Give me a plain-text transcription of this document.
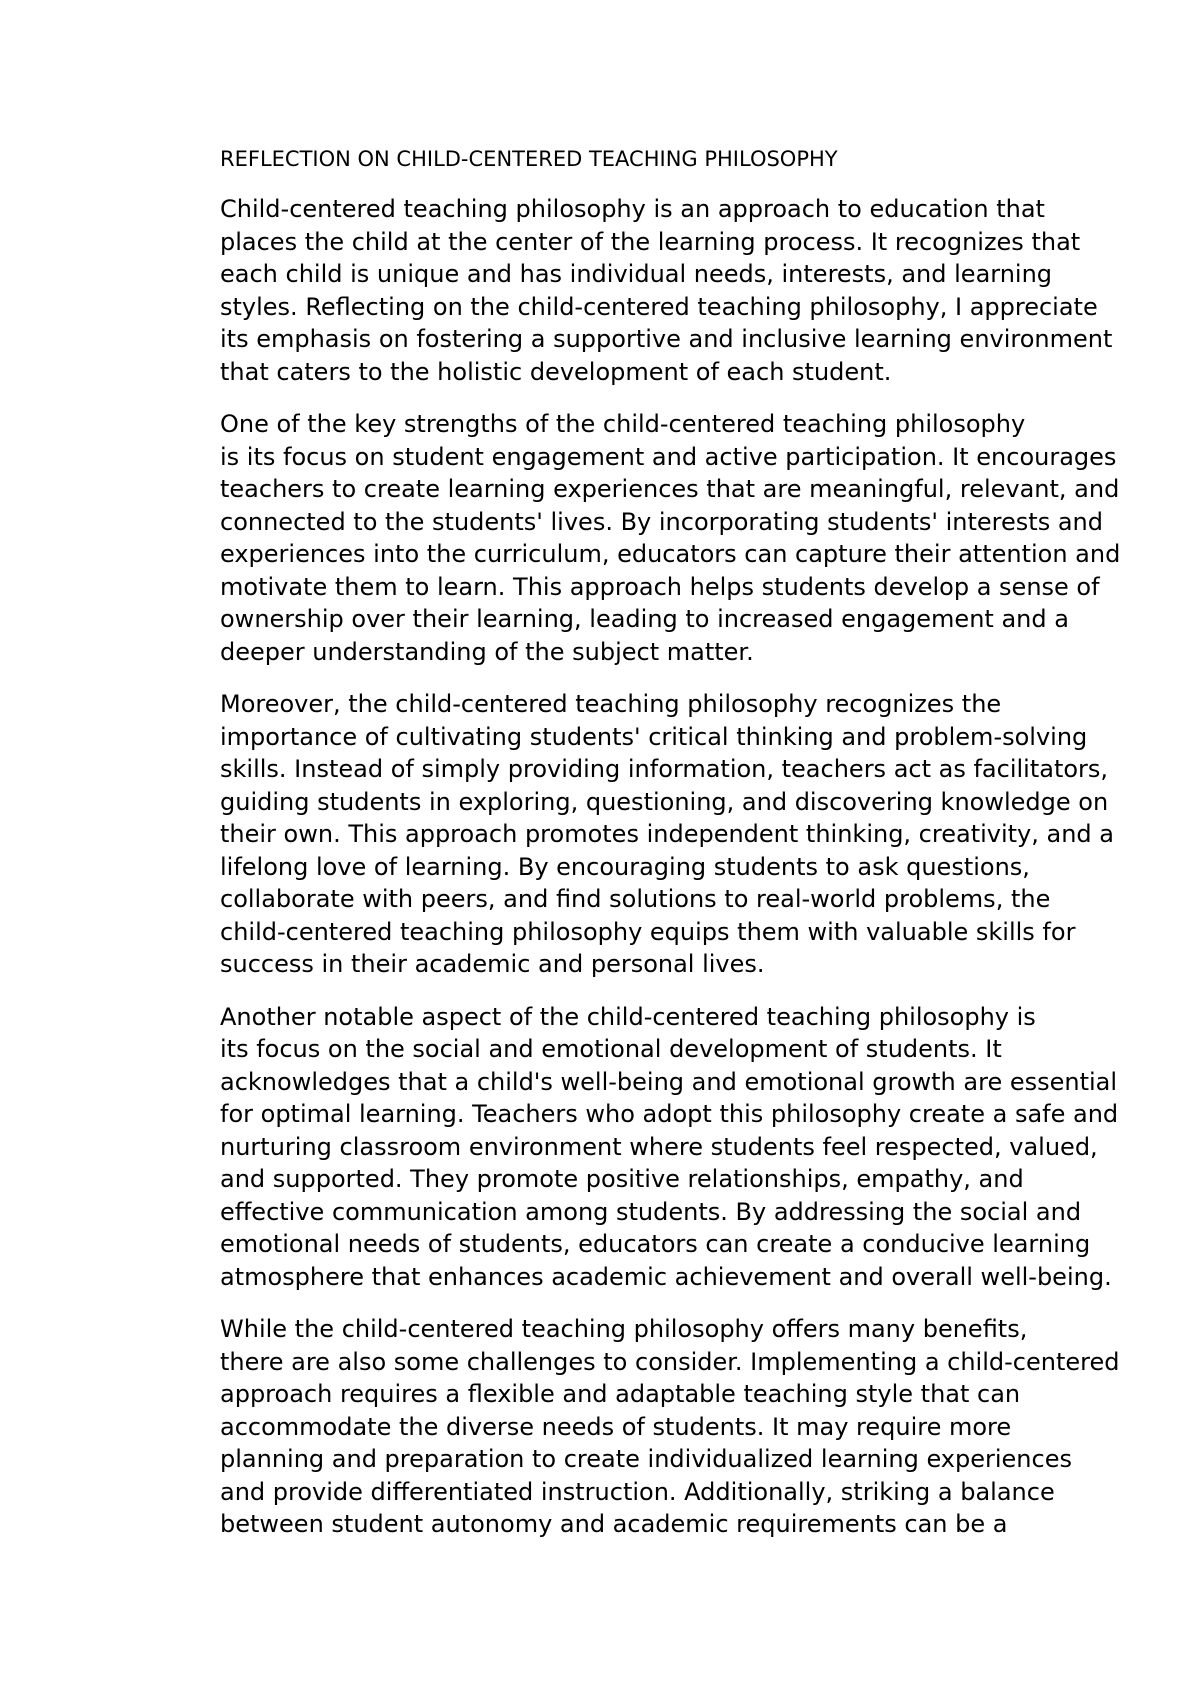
REFLECTION ON CHILD-CENTERED TEACHING PHILOSOPHY

Child-centered teaching philosophy is an approach to education that
places the child at the center of the learning process. It recognizes that
each child is unique and has individual needs, interests, and learning
styles. Reflecting on the child-centered teaching philosophy, I appreciate
its emphasis on fostering a supportive and inclusive learning environment
that caters to the holistic development of each student.

One of the key strengths of the child-centered teaching philosophy
is its focus on student engagement and active participation. It encourages
teachers to create learning experiences that are meaningful, relevant, and
connected to the students' lives. By incorporating students' interests and
experiences into the curriculum, educators can capture their attention and
motivate them to learn. This approach helps students develop a sense of
ownership over their learning, leading to increased engagement and a
deeper understanding of the subject matter.

Moreover, the child-centered teaching philosophy recognizes the
importance of cultivating students' critical thinking and problem-solving
skills. Instead of simply providing information, teachers act as facilitators,
guiding students in exploring, questioning, and discovering knowledge on
their own. This approach promotes independent thinking, creativity, and a
lifelong love of learning. By encouraging students to ask questions,
collaborate with peers, and find solutions to real-world problems, the
child-centered teaching philosophy equips them with valuable skills for
success in their academic and personal lives.

Another notable aspect of the child-centered teaching philosophy is
its focus on the social and emotional development of students. It
acknowledges that a child's well-being and emotional growth are essential
for optimal learning. Teachers who adopt this philosophy create a safe and
nurturing classroom environment where students feel respected, valued,
and supported. They promote positive relationships, empathy, and
effective communication among students. By addressing the social and
emotional needs of students, educators can create a conducive learning
atmosphere that enhances academic achievement and overall well-being.

While the child-centered teaching philosophy offers many benefits,
there are also some challenges to consider. Implementing a child-centered
approach requires a flexible and adaptable teaching style that can
accommodate the diverse needs of students. It may require more
planning and preparation to create individualized learning experiences
and provide differentiated instruction. Additionally, striking a balance
between student autonomy and academic requirements can be a
